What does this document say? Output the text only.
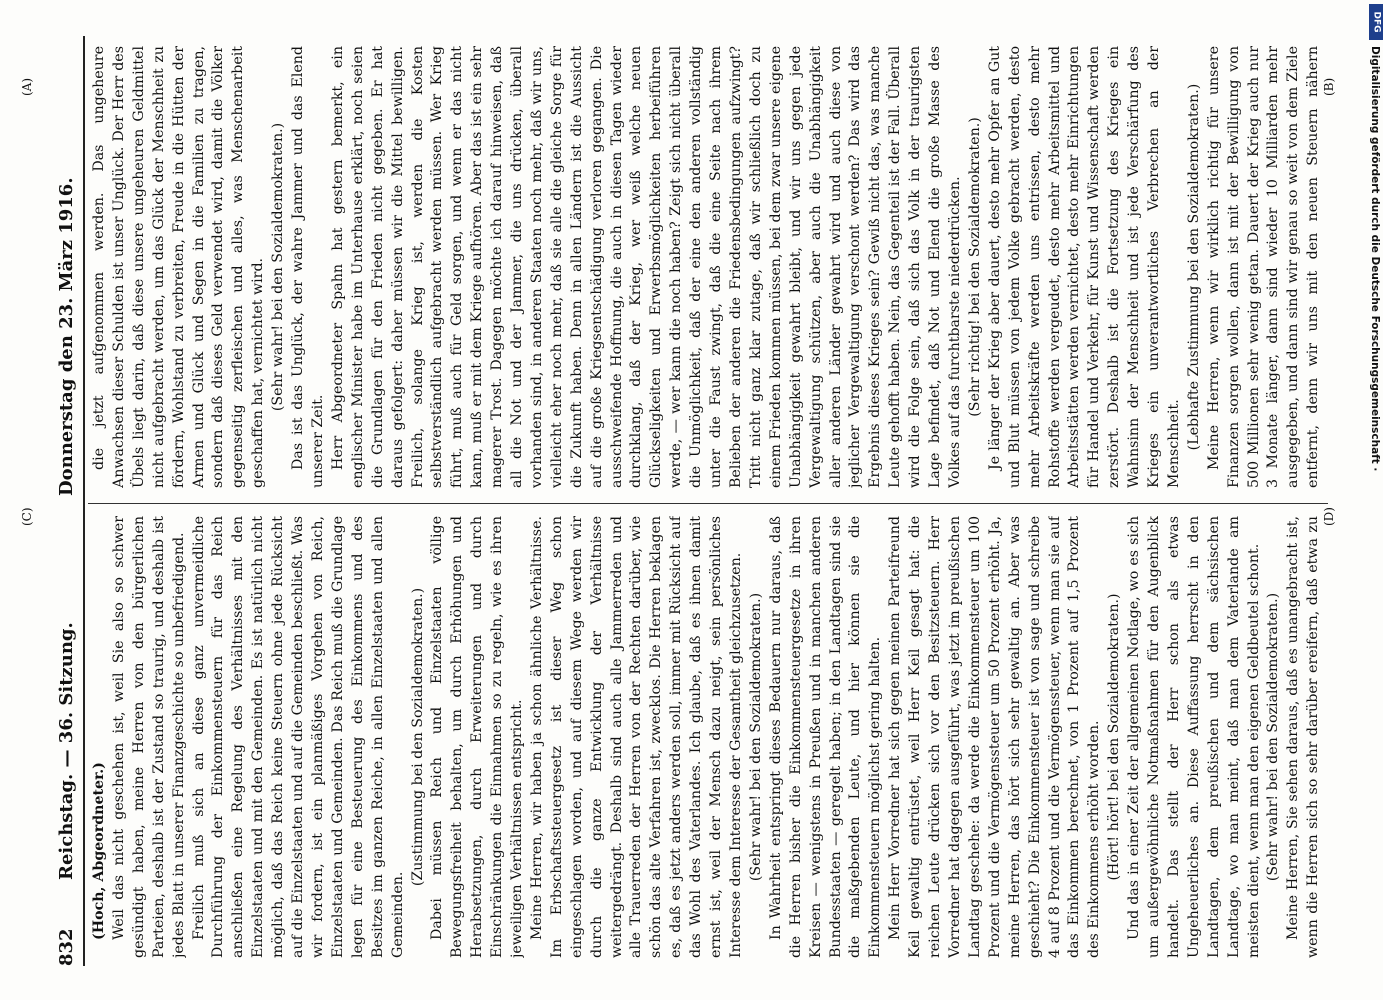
832
Reichstag. — 36. Sitzung.
Donnerstag den 23. März 1916.
(C)
(A)
(D)
(B)

(Hoch, Abgeordneter.) Weil das nicht geschehen ist, weil Sie also so schwer gesündigt haben, meine Herren von den bürgerlichen Parteien, deshalb ist der Zustand so traurig, und deshalb ist jedes Blatt in unserer Finanzgeschichte so unbefriedigend. Freilich muß sich an diese ganz unvermeidliche Durchführung der Einkommensteuern für das Reich anschließen eine Regelung des Verhältnisses mit den Einzelstaaten und mit den Gemeinden. Es ist natürlich nicht möglich, daß das Reich keine Steuern ohne jede Rücksicht auf die Einzelstaaten und auf die Gemeinden beschließt. Was wir fordern, ist ein planmäßiges Vorgehen von Reich, Einzelstaaten und Gemeinden. Das Reich muß die Grundlage legen für eine Besteuerung des Einkommens und des Besitzes im ganzen Reiche, in allen Einzelstaaten und allen Gemeinden.

(Zustimmung bei den Sozialdemokraten.) Dabei müssen Reich und Einzelstaaten völlige Bewegungsfreiheit behalten, um durch Erhöhungen und Herabsetzungen, durch Erweiterungen und durch Einschränkungen die Einnahmen so zu regeln, wie es ihren jeweiligen Verhältnissen entspricht. Meine Herren, wir haben ja schon ähnliche Verhältnisse. Im Erbschaftssteuergesetz ist dieser Weg schon eingeschlagen worden, und auf diesem Wege werden wir durch die ganze Entwicklung der Verhältnisse weitergedrängt. Deshalb sind auch alle Jammerreden und alle Trauerreden der Herren von der Rechten darüber, wie schön das alte Verfahren ist, zwecklos. Die Herren beklagen es, daß es jetzt anders werden soll, immer mit Rücksicht auf das Wohl des Vaterlandes. Ich glaube, daß es ihnen damit ernst ist, weil der Mensch dazu neigt, sein persönliches Interesse dem Interesse der Gesamtheit gleichzusetzen. (Sehr wahr! bei den Sozialdemokraten.) In Wahrheit entspringt dieses Bedauern nur daraus, daß die Herren bisher die Einkommensteuergesetze in ihren Kreisen — wenigstens in Preußen und in manchen anderen Bundesstaaten — geregelt haben; in den Landtagen sind sie die maßgebenden Leute, und hier können sie die Einkommensteuern möglichst gering halten. Mein Herr Vorredner hat sich gegen meinen Parteifreund Keil gewaltig entrüstet, weil Herr Keil gesagt hat: die reichen Leute drücken sich vor den Besitzsteuern. Herr Vorredner hat dagegen ausgeführt, was jetzt im preußischen Landtag geschehe: da werde die Einkommensteuer um 100 Prozent und die Vermögenssteuer um 50 Prozent erhöht. Ja, meine Herren, das hört sich sehr gewaltig an. Aber was geschieht? Die Einkommensteuer ist von sage und schreibe 4 auf 8 Prozent und die Vermögenssteuer, wenn man sie auf das Einkommen berechnet, von 1 Prozent auf 1,5 Prozent des Einkommens erhöht worden. (Hört! hört! bei den Sozialdemokraten.) Und das in einer Zeit der allgemeinen Notlage, wo es sich um außergewöhnliche Notmaßnahmen für den Augenblick handelt. Das stellt der Herr schon als etwas Ungeheuerliches an. Diese Auffassung herrscht in den Landtagen, dem preußischen und dem sächsischen Landtage, wo man meint, daß man dem Vaterlande am meisten dient, wenn man den eigenen Geldbeutel schont. (Sehr wahr! bei den Sozialdemokraten.)

Meine Herren, Sie sehen daraus, daß es unangebracht ist, wenn die Herren sich so sehr darüber ereifern, daß etwa zu

die jetzt aufgenommen werden. Das ungeheure Anwachsen dieser Schulden ist unser Unglück. Der Herr des Übels liegt darin, daß diese unsere ungeheuren Geldmittel nicht aufgebracht werden, um das Glück der Menschheit zu fördern, Wohlstand zu verbreiten, Freude in die Hütten der Armen und Glück und Segen in die Familien zu tragen, sondern daß dieses Geld verwendet wird, damit die Völker gegenseitig zerfleischen und alles, was Menschenarbeit geschaffen hat, vernichtet wird. (Sehr wahr! bei den Sozialdemokraten.) Das ist das Unglück, der wahre Jammer und das Elend unserer Zeit. Herr Abgeordneter Spahn hat gestern bemerkt, ein englischer Minister habe im Unterhause erklärt, noch seien die Grundlagen für den Frieden nicht gegeben. Er hat daraus gefolgert: daher müssen wir die Mittel bewilligen. Freilich, solange Krieg ist, werden die Kosten selbstverständlich aufgebracht werden müssen. Wer Krieg führt, muß auch für Geld sorgen, und wenn er das nicht kann, muß er mit dem Kriege aufhören. Aber das ist ein sehr magerer Trost. Dagegen möchte ich darauf hinweisen, daß all die Not und der Jammer, die uns drücken, überall vorhanden sind, in anderen Staaten noch mehr, daß wir uns, vielleicht eher noch mehr, daß sie alle die gleiche Sorge für die Zukunft haben. Denn in allen Ländern ist die Aussicht auf die große Kriegsentschädigung verloren gegangen. Die ausschweifende Hoffnung, die auch in diesen Tagen wieder durchklang, daß der Krieg, wer weiß welche neuen Glückseligkeiten und Erwerbsmöglichkeiten herbeiführen werde, — wer kann die noch haben? Zeigt sich nicht überall die Unmöglichkeit, daß der eine den anderen vollständig unter die Faust zwingt, daß die eine Seite nach ihrem Belieben der anderen die Friedensbedingungen aufzwingt? Tritt nicht ganz klar zutage, daß wir schließlich doch zu einem Frieden kommen müssen, bei dem zwar unsere eigene Unabhängigkeit gewahrt bleibt, und wir uns gegen jede Vergewaltigung schützen, aber auch die Unabhängigkeit aller anderen Länder gewahrt wird und auch diese von jeglicher Vergewaltigung verschont werden? Das wird das Ergebnis dieses Krieges sein? Gewiß nicht das, was manche Leute gehofft haben. Nein, das Gegenteil ist der Fall. Überall wird die Folge sein, daß sich das Volk in der traurigsten Lage befindet, daß Not und Elend die große Masse des Volkes auf das furchtbarste niederdrücken. (Sehr richtig! bei den Sozialdemokraten.) Je länger der Krieg aber dauert, desto mehr Opfer an Gut und Blut müssen von jedem Volke gebracht werden, desto mehr Arbeitskräfte werden uns entrissen, desto mehr Rohstoffe werden vergeudet, desto mehr Arbeitsmittel und Arbeitsstätten werden vernichtet, desto mehr Einrichtungen für Handel und Verkehr, für Kunst und Wissenschaft werden zerstört. Deshalb ist die Fortsetzung des Krieges ein Wahnsinn der Menschheit und ist jede Verschärfung des Krieges ein unverantwortliches Verbrechen an der Menschheit. (Lebhafte Zustimmung bei den Sozialdemokraten.) Meine Herren, wenn wir wirklich richtig für unsere Finanzen sorgen wollen, dann ist mit der Bewilligung von 500 Millionen sehr wenig getan. Dauert der Krieg auch nur 3 Monate länger, dann sind wieder 10 Milliarden mehr ausgegeben, und dann sind wir genau so weit von dem Ziele entfernt, denn wir uns mit den neuen Steuern nähern

DFG
Digitalisierung gefördert durch die Deutsche Forschungsgemeinschaft ·
